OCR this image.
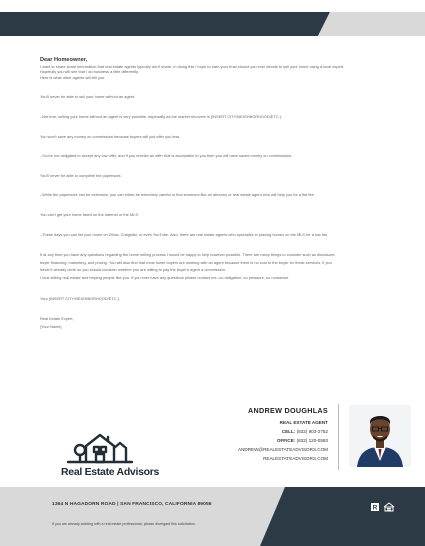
Dear Homeowner,

I want to share some information that real estate agents typically don't share. In doing this I hope to earn your trust should you ever decide to sell your home using a local expert.

Hopefully you will see that I do business a little differently.

Here is what other agents will tell you:

You'll never be able to sell your home without an agent.

–Not true; selling your home without an agent is very possible, especially as the market recovers in [INSERT CITY/NEIGHBORHOOD/ETC.].

You won't save any money on commission because buyers will just offer you less.

–You're not obligated to accept any low offer, and if you receive an offer that is acceptable to you then you will have saved money on commissions.

You'll never be able to complete the paperwork.

–While the paperwork can be extensive, you can either be extremely careful or find someone like an attorney or real estate agent who will help you for a flat fee.

You can't get your home listed on the internet or the MLS.

–These days you can list your home on Zillow, Craigslist, or even YouTube. Also, there are real estate agents who specialize in placing homes on the MLS for a low fee.

If at any time you have any questions regarding the home selling process I would be happy to help however possible. There are many things to consider such as disclosure,

buyer financing, marketing, and pricing. You will also find that most home buyers are working with an agent because there is no cost to the buyer for these services. If you

haven't already done so you should consider whether you are willing to pay the buyer's agent a commission.

I love selling real estate and helping people like you. If you ever have any questions please contact me--no obligation, no pressure, no nonsense.

Your [INSERT CITY/NEIGHBORHOOD/ETC.]

Real Estate Expert,

[Your Name]

Real Estate Advisors
ANDREW DOUGHLAS
REAL ESTATE AGENT
CELL: (832) 903-2752
OFFICE: (832) 120-0593
ANDREW@REALESTATEADVISORS.COM
REALESTATEADVISORS.COM
1364 N HAGADORN ROAD | SAN FRANCISCO, CALIFORNIA 89056
If you are already working with a real estate professional, please disregard this solicitation.
R
